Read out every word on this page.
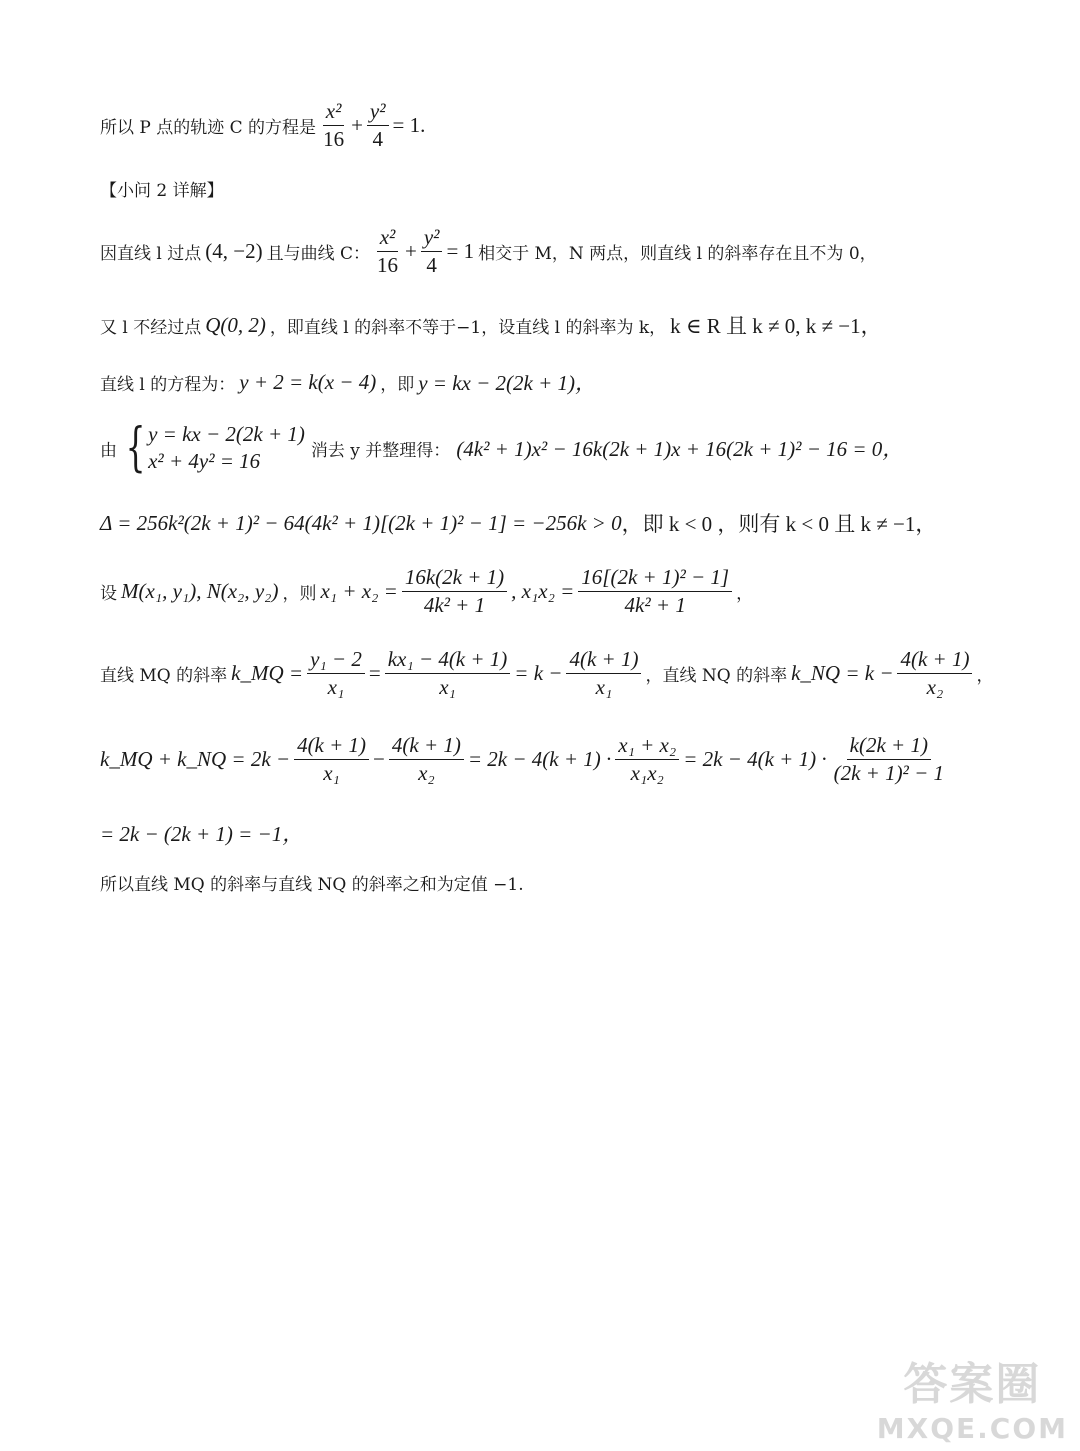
所以 P 点的轨迹 C 的方程是 $\frac{\text{x²}}{16} + \frac{\text{y²}}{4} = 1$.
【小问 2 详解】
因直线 l 过点 (4, −2) 且与曲线 C： $\frac{\text{x²}}{16} + \frac{\text{y²}}{4} = 1$ 相交于 M，N 两点，则直线 l 的斜率存在且不为 0，
又 l 不经过点 Q(0, 2) ，即直线 l 的斜率不等于−1，设直线 l 的斜率为 k， k ∈ R 且 k ≠ 0, k ≠ −1，
直线 l 的方程为： y + 2 = k(x − 4) ，即 y = kx − 2(2k + 1)，
由 { y = kx − 2(2k + 1)
x² + 4y² = 16	消去 y 并整理得： (4k² + 1)x² − 16k(2k + 1)x + 16(2k + 1)² − 16 = 0，
Δ = 256k²(2k + 1)² − 64(4k² + 1)[(2k + 1)² − 1] = −256k > 0 ，即 k < 0 ，则有 k < 0 且 k ≠ −1，
设 M(x₁, y₁), N(x₂, y₂) ，则 $x_1 + x_2 = \frac{16k(2k + 1)}{\text{4k² + 1}}$ , $x_1x_2 = \frac{\text{16[(2k + 1)² − 1]}}{\text{4k² + 1}}$ ，
直线 MQ 的斜率 k_MQ = $\frac{\text{y₁ − 2}}{\text{x₁}} = \frac{\text{kx₁ − 4(k + 1)}}{\text{x₁}} = k - \frac{4(k + 1)}{\text{x₁}}$ ，直线 NQ 的斜率 k_NQ = $k - \frac{4(k + 1)}{\text{x₂}}$ ，
k_MQ + k_NQ = $2k - \frac{4(k + 1)}{\text{x₁}} - \frac{4(k + 1)}{\text{x₂}} = 2k - 4(k + 1) \cdot \frac{\text{x₁ + x₂}}{\text{x₁x₂}} = 2k - 4(k + 1) \cdot \frac{k(2k + 1)}{\text{(2k + 1)² − 1}}$
= 2k − (2k + 1) = −1，
所以直线 MQ 的斜率与直线 NQ 的斜率之和为定值 −1.
答案圈
MXQE.COM
